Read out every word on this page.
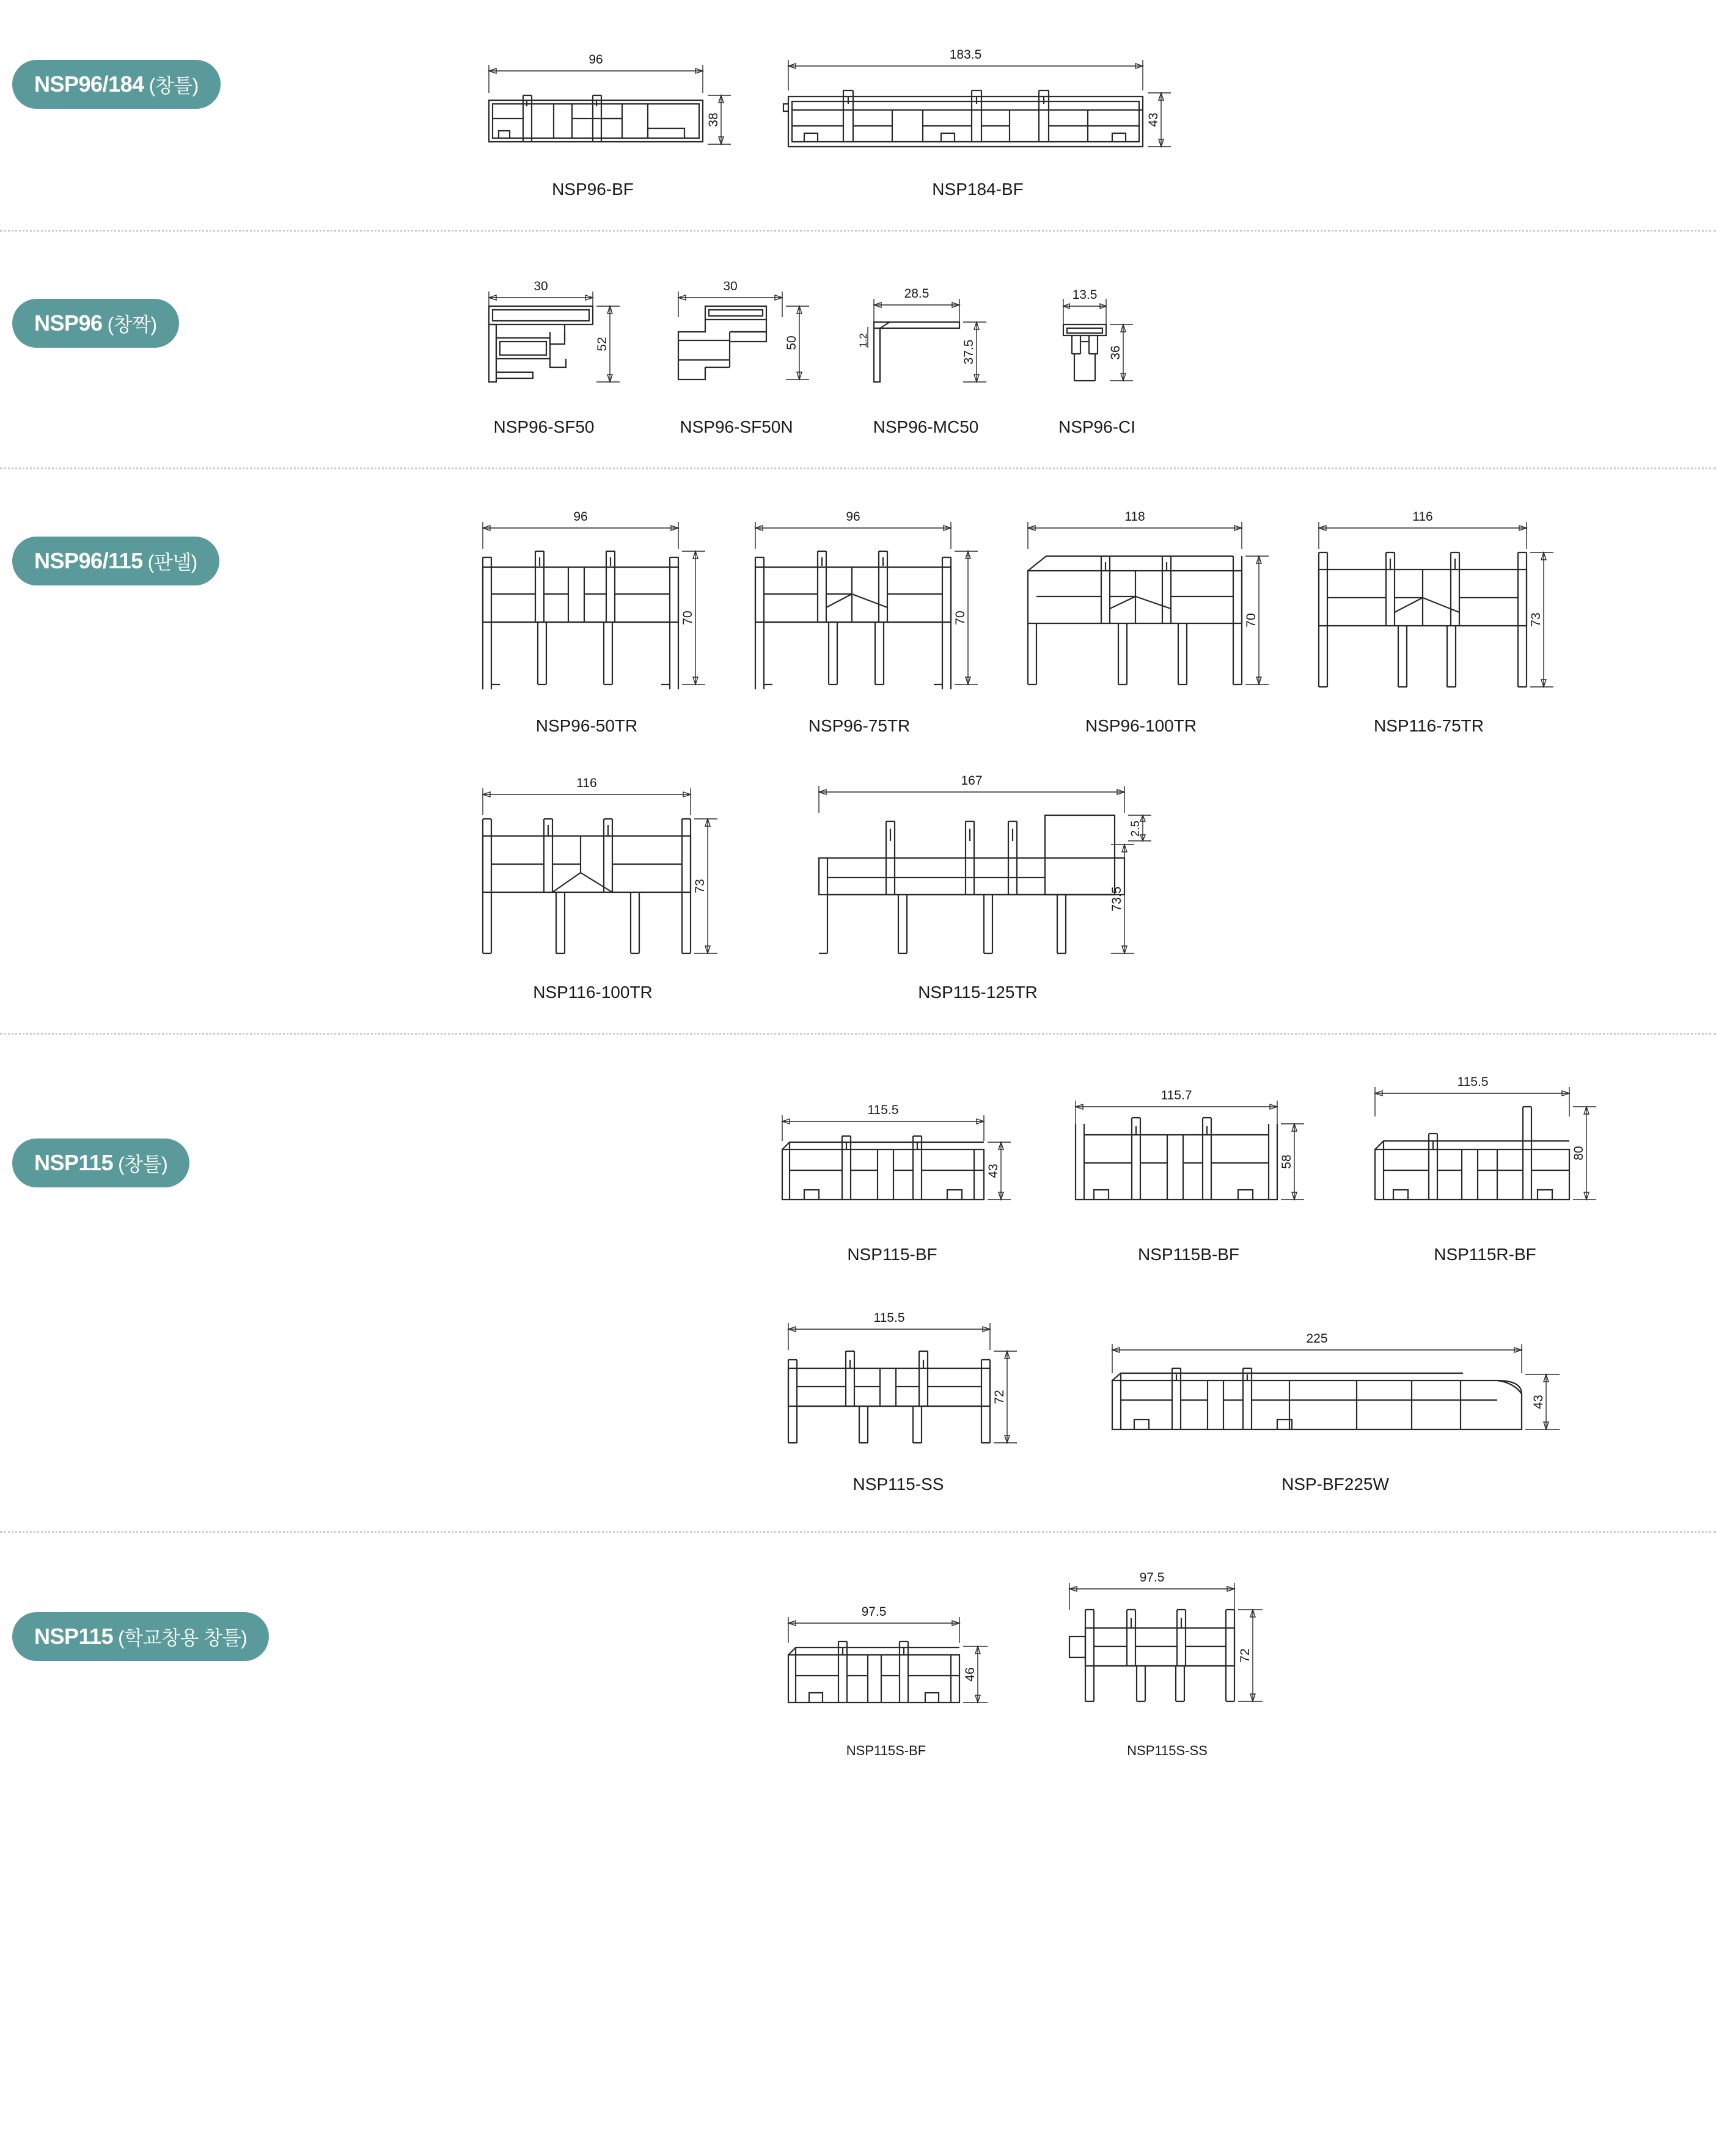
NSP96/184 (창틀)
96
38
NSP96-BF
183.5
43
NSP184-BF
NSP96 (창짝)
30
52
NSP96-SF50
30
50
NSP96-SF50N
28.5
37.5
1.2
NSP96-MC50
13.5
36
NSP96-CI
NSP96/115 (판넬)
96
70
NSP96-50TR
96
70
NSP96-75TR
118
70
NSP96-100TR
116
73
NSP116-75TR
116
73
NSP116-100TR
167
2.5
73.5
NSP115-125TR
NSP115 (창틀)
115.5
43
NSP115-BF
115.7
58
NSP115B-BF
115.5
80
NSP115R-BF
115.5
72
NSP115-SS
225
43
NSP-BF225W
NSP115 (학교창용 창틀)
97.5
46
NSP115S-BF
97.5
72
NSP115S-SS
